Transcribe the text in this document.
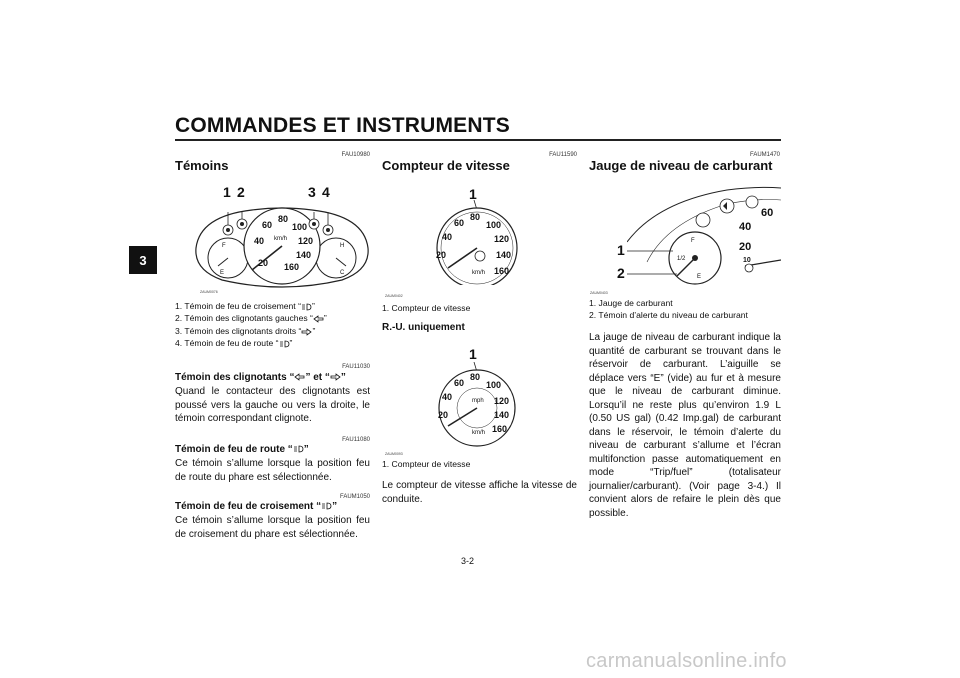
COMMANDES ET INSTRUMENTS
3
FAU10980
Témoins
1 2	3 4
20
40
60
80
100
120
140
160
km/h
F
E
H
C
ZAUM0076
1. Témoin de feu de croisement “ ”
2. Témoin des clignotants gauches “ ”
3. Témoin des clignotants droits “ ”
4. Témoin de feu de route “ ”
FAU11030
Témoin des clignotants “ ” et “ ”
Quand le contacteur des clignotants est poussé vers la gauche ou vers la droite, le témoin correspondant clignote.
FAU11080
Témoin de feu de route “ ”
Ce témoin s’allume lorsque la position feu de route du phare est sélectionnée.
FAUM1050
Témoin de feu de croisement “ ”
Ce témoin s’allume lorsque la position feu de croisement du phare est sélectionnée.
FAU11590
Compteur de vitesse
1
20
40
60
80
100
120
140
160
km/h
ZAUM0402
1. Compteur de vitesse
R.-U. uniquement
1
20
40
60
80
100
120
140
160
km/h
mph
ZAUM0093
1. Compteur de vitesse
Le compteur de vitesse affiche la vitesse de conduite.
FAUM1470
Jauge de niveau de carburant
1
2
F
E
1/2
60
40
20
10
ZAUM0403
1. Jauge de carburant
2. Témoin d’alerte du niveau de carburant
La jauge de niveau de carburant indique la quantité de carburant se trouvant dans le réservoir de carburant. L’aiguille se déplace vers “E” (vide) au fur et à mesure que le niveau de carburant diminue. Lorsqu’il ne reste plus qu’environ 1.9 L (0.50 US gal) (0.42 Imp.gal) de carburant dans le réservoir, le témoin d’alerte du niveau de carburant s’allume et l’écran multifonction passe automatiquement en mode “Trip/fuel” (totalisateur journalier/carburant). (Voir page 3-4.) Il convient alors de refaire le plein dès que possible.
3-2
carmanualsonline.info
